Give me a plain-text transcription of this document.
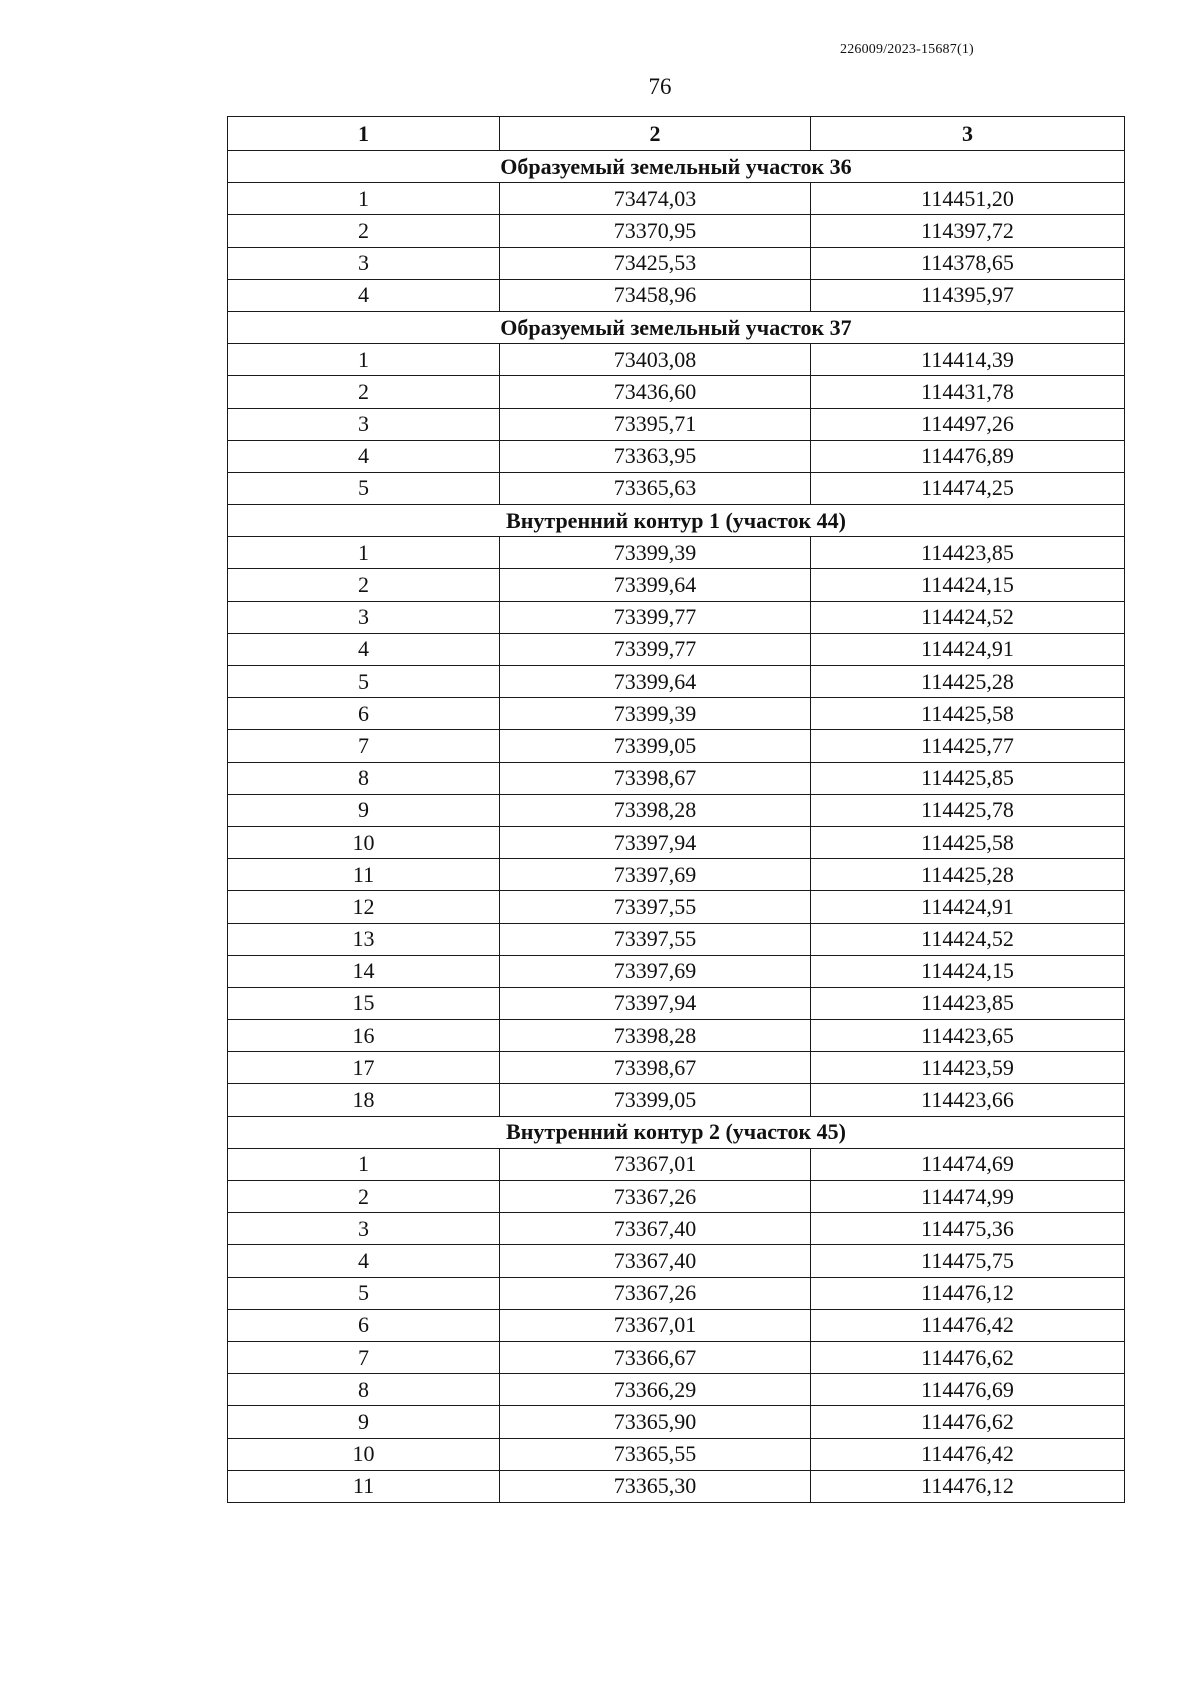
226009/2023-15687(1)
76
1	2	3
Образуемый земельный участок 36		
1	73474,03	114451,20
2	73370,95	114397,72
3	73425,53	114378,65
4	73458,96	114395,97
Образуемый земельный участок 37		
1	73403,08	114414,39
2	73436,60	114431,78
3	73395,71	114497,26
4	73363,95	114476,89
5	73365,63	114474,25
Внутренний контур 1 (участок 44)		
1	73399,39	114423,85
2	73399,64	114424,15
3	73399,77	114424,52
4	73399,77	114424,91
5	73399,64	114425,28
6	73399,39	114425,58
7	73399,05	114425,77
8	73398,67	114425,85
9	73398,28	114425,78
10	73397,94	114425,58
11	73397,69	114425,28
12	73397,55	114424,91
13	73397,55	114424,52
14	73397,69	114424,15
15	73397,94	114423,85
16	73398,28	114423,65
17	73398,67	114423,59
18	73399,05	114423,66
Внутренний контур 2 (участок 45)		
1	73367,01	114474,69
2	73367,26	114474,99
3	73367,40	114475,36
4	73367,40	114475,75
5	73367,26	114476,12
6	73367,01	114476,42
7	73366,67	114476,62
8	73366,29	114476,69
9	73365,90	114476,62
10	73365,55	114476,42
11	73365,30	114476,12
